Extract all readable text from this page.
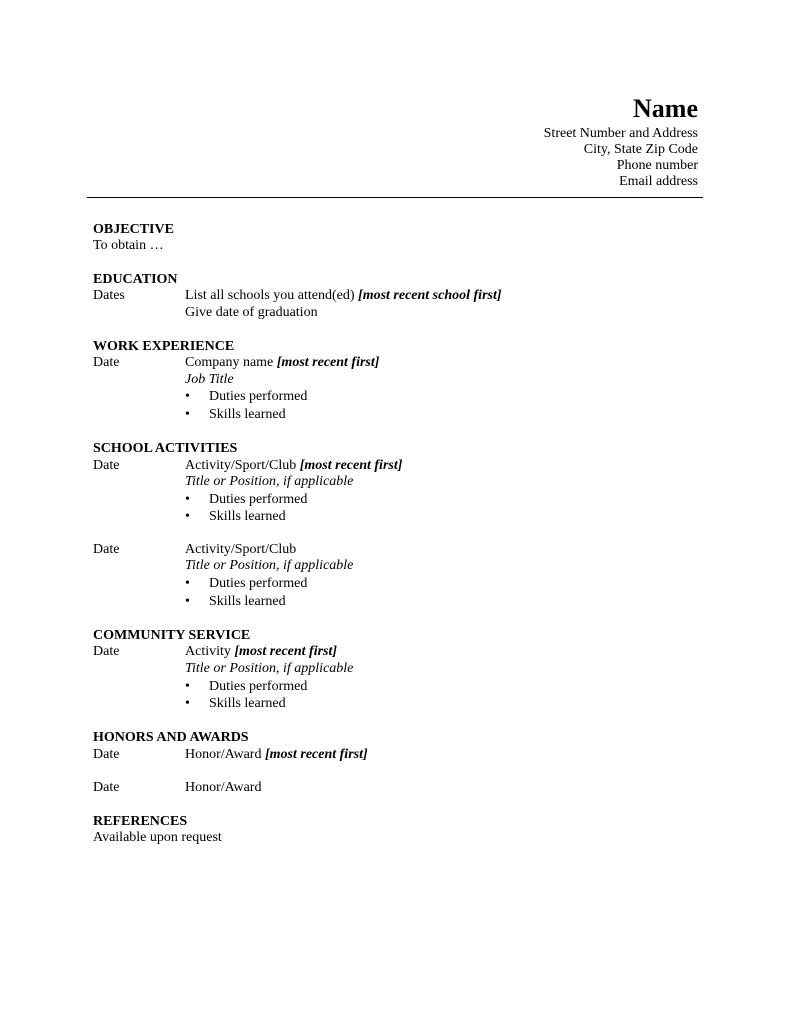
Name
Street Number and Address
City, State Zip Code
Phone number
Email address
OBJECTIVE
To obtain …
EDUCATION
Dates	List all schools you attend(ed) [most recent school first]
Give date of graduation
WORK EXPERIENCE
Date	Company name [most recent first]
Job Title
• Duties performed
• Skills learned
SCHOOL ACTIVITIES
Date	Activity/Sport/Club [most recent first]
Title or Position, if applicable
• Duties performed
• Skills learned
Date	Activity/Sport/Club
Title or Position, if applicable
• Duties performed
• Skills learned
COMMUNITY SERVICE
Date	Activity [most recent first]
Title or Position, if applicable
• Duties performed
• Skills learned
HONORS AND AWARDS
Date	Honor/Award [most recent first]
Date	Honor/Award
REFERENCES
Available upon request
